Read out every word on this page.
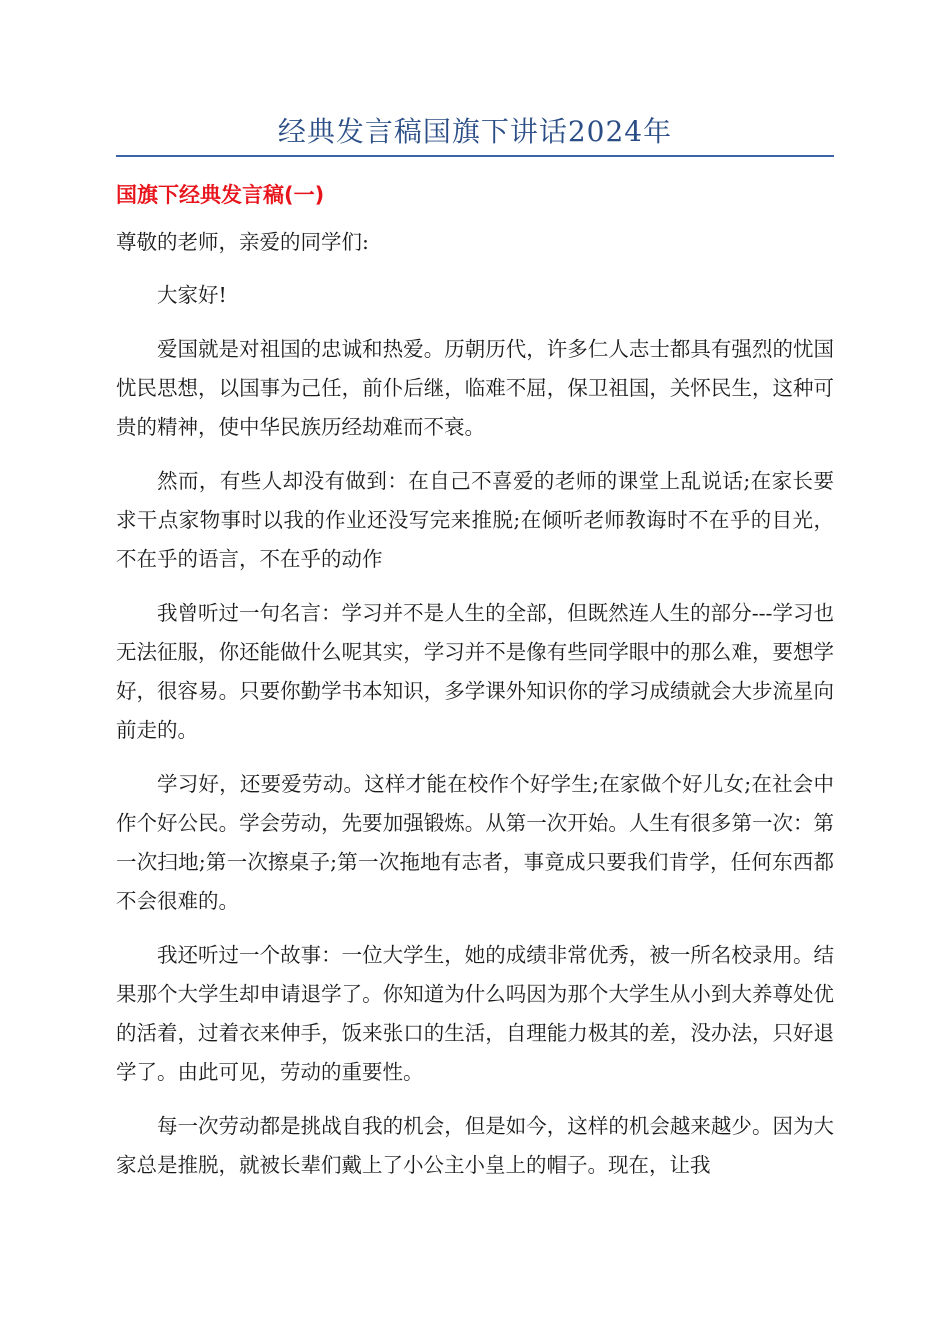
经典发言稿国旗下讲话2024年
国旗下经典发言稿(一)

尊敬的老师，亲爱的同学们:

大家好!

爱国就是对祖国的忠诚和热爱。历朝历代，许多仁人志士都具有强烈的忧国忧民思想，以国事为己任，前仆后继，临难不屈，保卫祖国，关怀民生，这种可贵的精神，使中华民族历经劫难而不衰。

然而，有些人却没有做到：在自己不喜爱的老师的课堂上乱说话;在家长要求干点家物事时以我的作业还没写完来推脱;在倾听老师教诲时不在乎的目光，不在乎的语言，不在乎的动作

我曾听过一句名言：学习并不是人生的全部，但既然连人生的部分---学习也无法征服，你还能做什么呢其实，学习并不是像有些同学眼中的那么难，要想学好，很容易。只要你勤学书本知识，多学课外知识你的学习成绩就会大步流星向前走的。

学习好，还要爱劳动。这样才能在校作个好学生;在家做个好儿女;在社会中作个好公民。学会劳动，先要加强锻炼。从第一次开始。人生有很多第一次：第一次扫地;第一次擦桌子;第一次拖地有志者，事竟成只要我们肯学，任何东西都不会很难的。

我还听过一个故事：一位大学生，她的成绩非常优秀，被一所名校录用。结果那个大学生却申请退学了。你知道为什么吗因为那个大学生从小到大养尊处优的活着，过着衣来伸手，饭来张口的生活，自理能力极其的差，没办法，只好退学了。由此可见，劳动的重要性。

每一次劳动都是挑战自我的机会，但是如今，这样的机会越来越少。因为大家总是推脱，就被长辈们戴上了小公主小皇上的帽子。现在，让我
